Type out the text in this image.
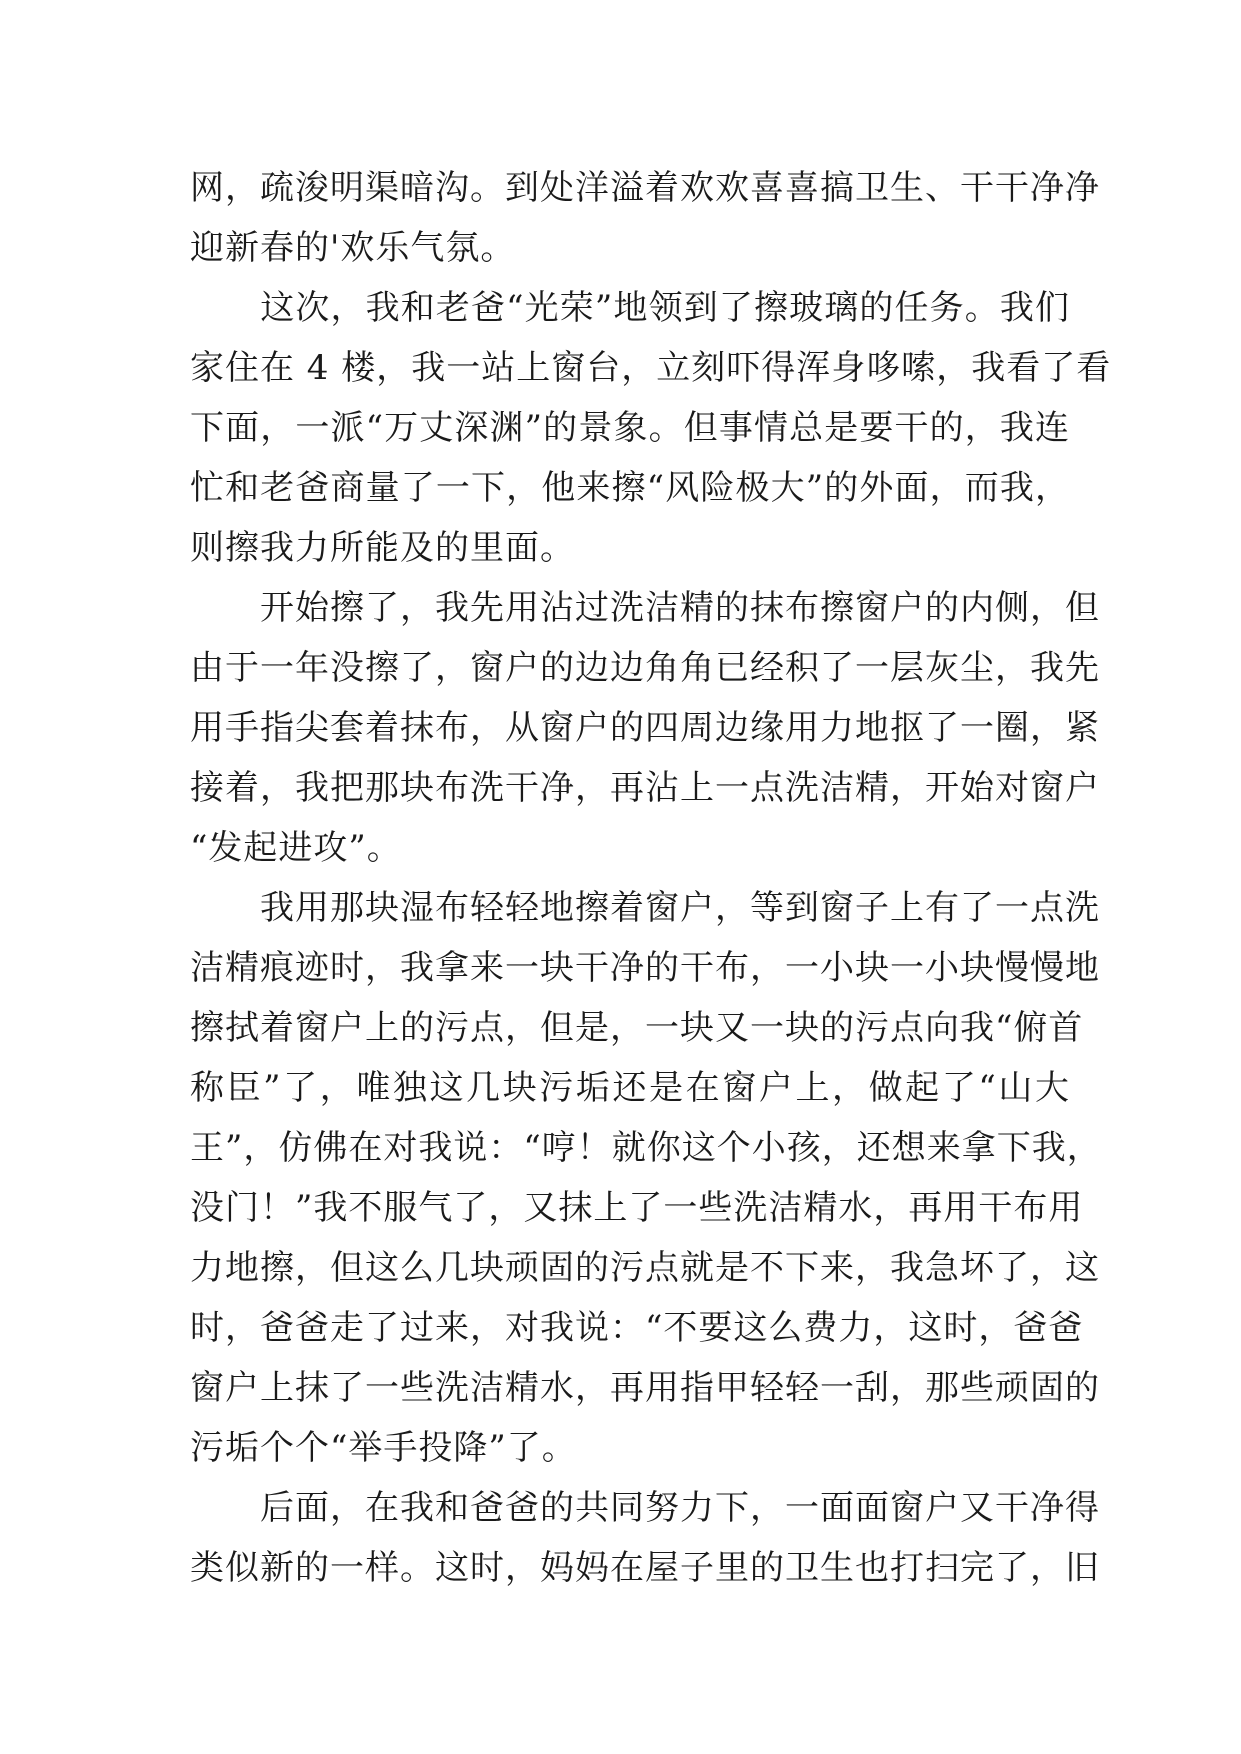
网，疏浚明渠暗沟。到处洋溢着欢欢喜喜搞卫生、干干净净
迎新春的'欢乐气氛。
　　这次，我和老爸“光荣”地领到了擦玻璃的任务。我们
家住在 4 楼，我一站上窗台，立刻吓得浑身哆嗦，我看了看
下面，一派“万丈深渊”的景象。但事情总是要干的，我连
忙和老爸商量了一下，他来擦“风险极大”的外面，而我，
则擦我力所能及的里面。
　　开始擦了，我先用沾过洗洁精的抹布擦窗户的内侧，但
由于一年没擦了，窗户的边边角角已经积了一层灰尘，我先
用手指尖套着抹布，从窗户的四周边缘用力地抠了一圈，紧
接着，我把那块布洗干净，再沾上一点洗洁精，开始对窗户
“发起进攻”。
　　我用那块湿布轻轻地擦着窗户，等到窗子上有了一点洗
洁精痕迹时，我拿来一块干净的干布，一小块一小块慢慢地
擦拭着窗户上的污点，但是，一块又一块的污点向我“俯首
称臣”了，唯独这几块污垢还是在窗户上，做起了“山大
王”，仿佛在对我说：“哼！就你这个小孩，还想来拿下我，
没门！”我不服气了，又抹上了一些洗洁精水，再用干布用
力地擦，但这么几块顽固的污点就是不下来，我急坏了，这
时，爸爸走了过来，对我说：“不要这么费力，这时，爸爸
窗户上抹了一些洗洁精水，再用指甲轻轻一刮，那些顽固的
污垢个个“举手投降”了。
　　后面，在我和爸爸的共同努力下，一面面窗户又干净得
类似新的一样。这时，妈妈在屋子里的卫生也打扫完了，旧
